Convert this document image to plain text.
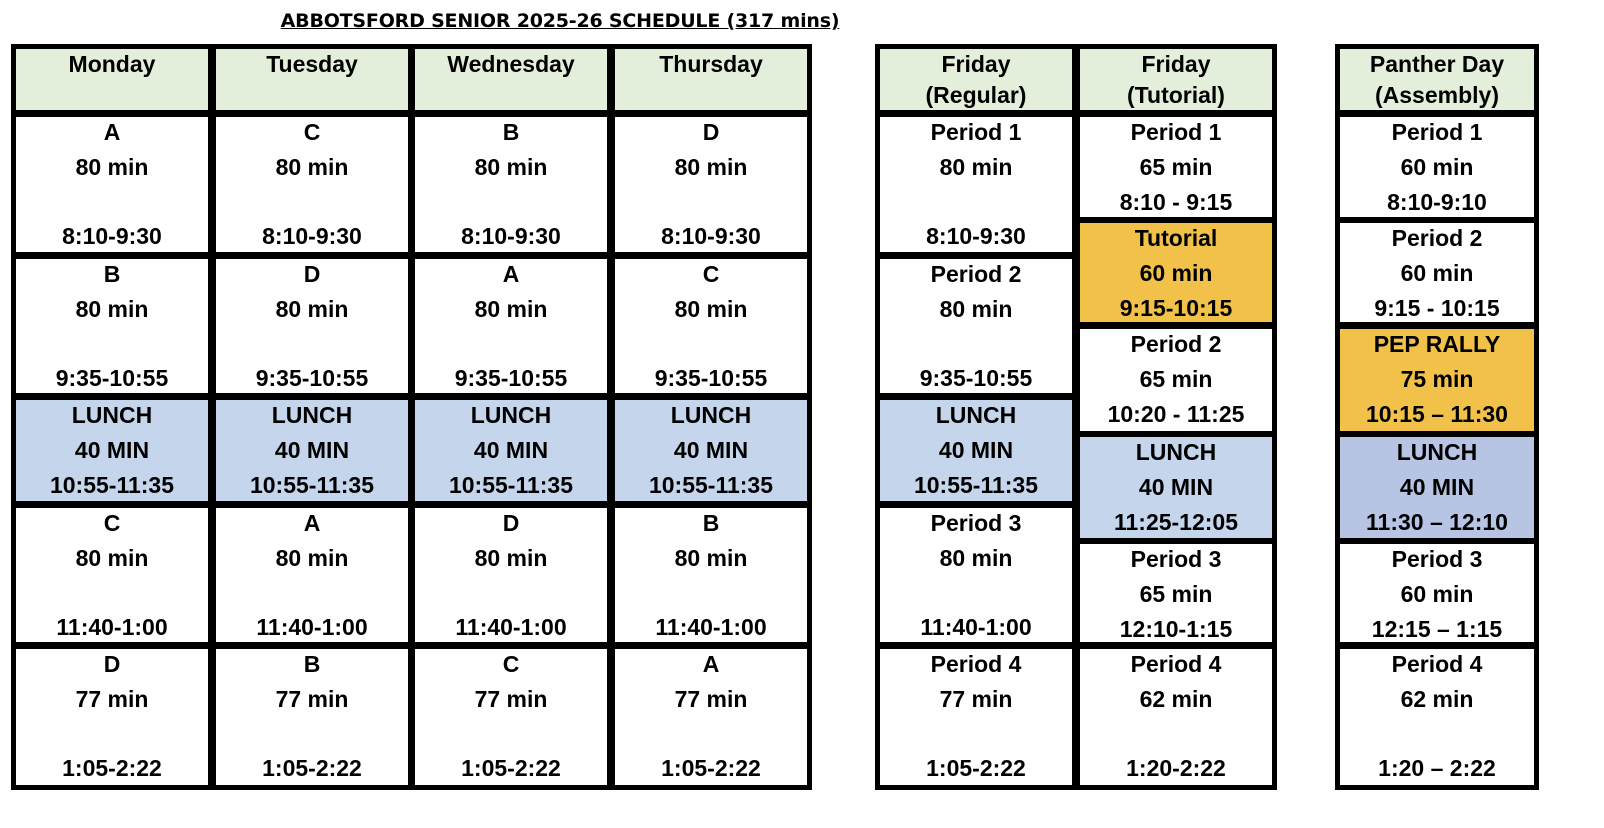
ABBOTSFORD SENIOR 2025-26 SCHEDULE (317 mins)
Monday
A
80 min
8:10-9:30
B
80 min
9:35-10:55
LUNCH
40 MIN
10:55-11:35
C
80 min
11:40-1:00
D
77 min
1:05-2:22
Tuesday
C
80 min
8:10-9:30
D
80 min
9:35-10:55
LUNCH
40 MIN
10:55-11:35
A
80 min
11:40-1:00
B
77 min
1:05-2:22
Wednesday
B
80 min
8:10-9:30
A
80 min
9:35-10:55
LUNCH
40 MIN
10:55-11:35
D
80 min
11:40-1:00
C
77 min
1:05-2:22
Thursday
D
80 min
8:10-9:30
C
80 min
9:35-10:55
LUNCH
40 MIN
10:55-11:35
B
80 min
11:40-1:00
A
77 min
1:05-2:22
Friday
(Regular)
Period 1
80 min
8:10-9:30
Period 2
80 min
9:35-10:55
LUNCH
40 MIN
10:55-11:35
Period 3
80 min
11:40-1:00
Period 4
77 min
1:05-2:22
Friday
(Tutorial)
Period 1
65 min
8:10 - 9:15
Tutorial
60 min
9:15-10:15
Period 2
65 min
10:20 - 11:25
LUNCH
40 MIN
11:25-12:05
Period 3
65 min
12:10-1:15
Period 4
62 min
1:20-2:22
Panther Day
(Assembly)
Period 1
60 min
8:10-9:10
Period 2
60 min
9:15 - 10:15
PEP RALLY
75 min
10:15 – 11:30
LUNCH
40 MIN
11:30 – 12:10
Period 3
60 min
12:15 – 1:15
Period 4
62 min
1:20 – 2:22
